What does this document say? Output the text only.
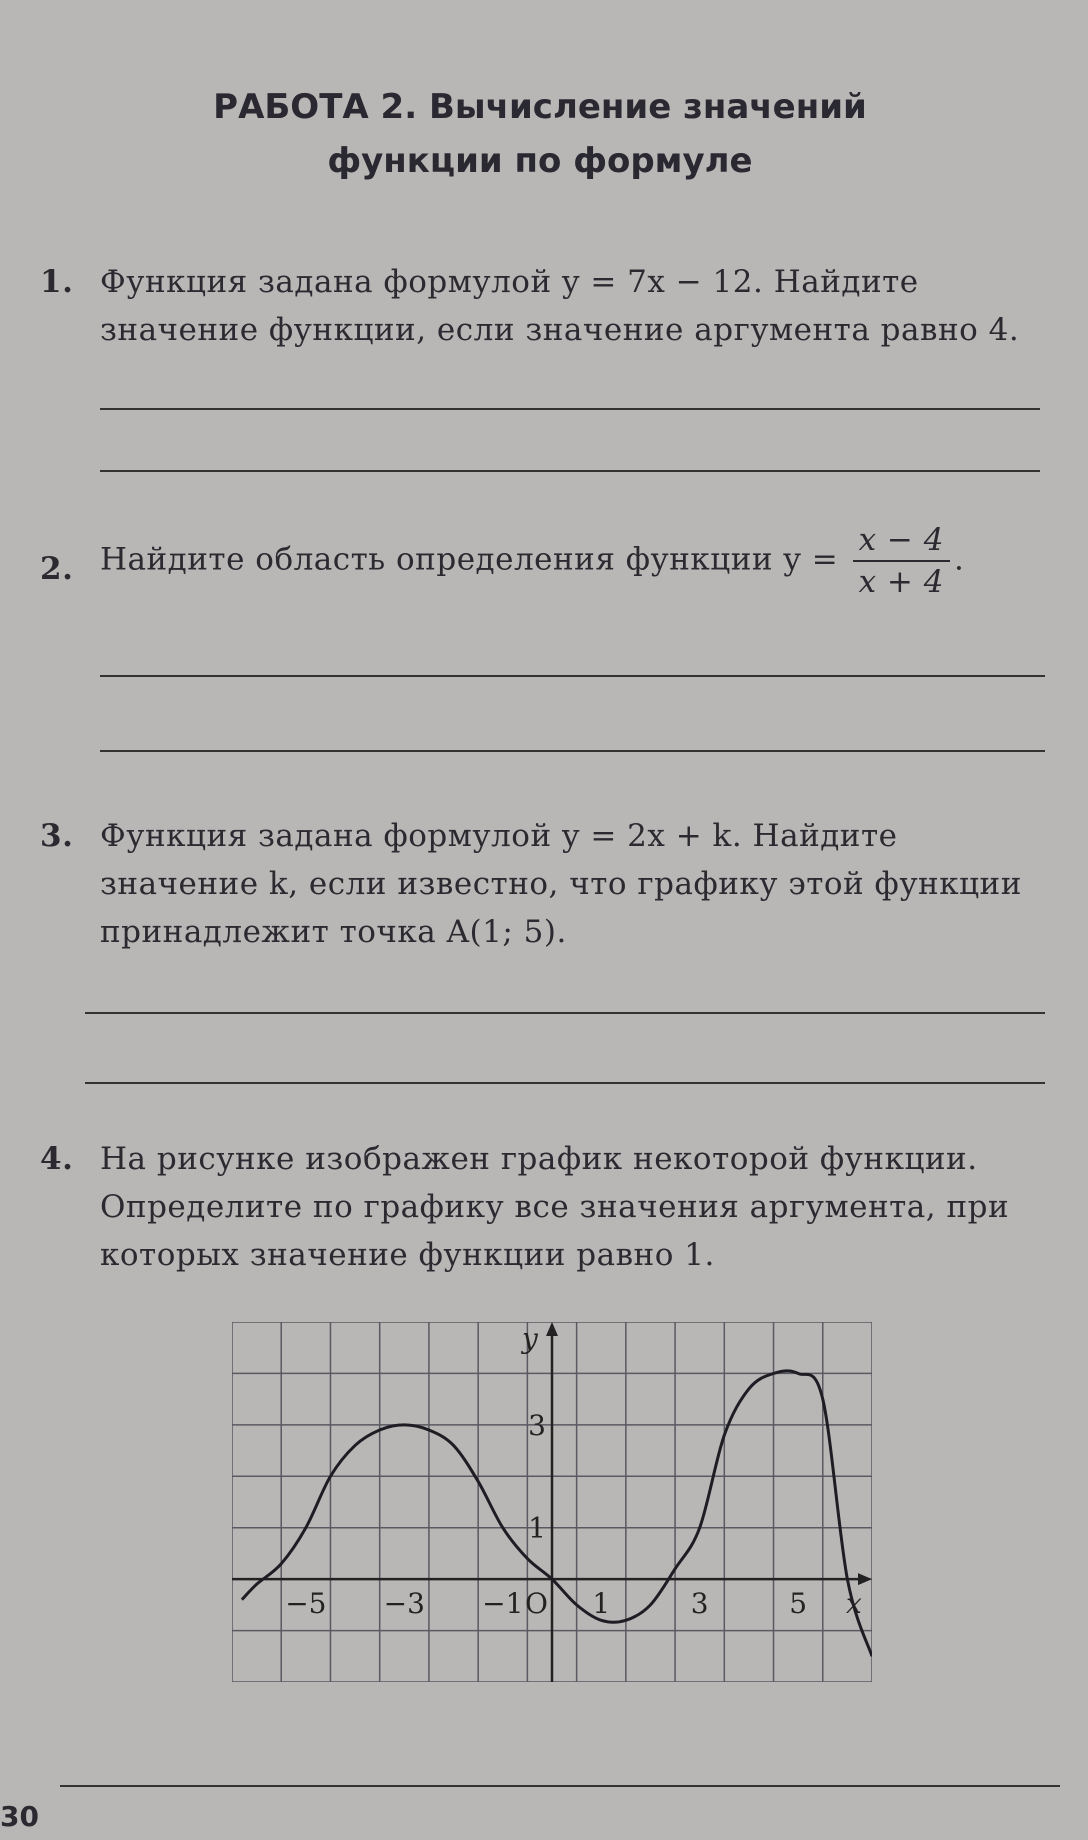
РАБОТА 2. Вычисление значений функции по формуле
1. Функция задана формулой y = 7x − 12. Найдите значение функции, если значение аргумента равно 4.
2. Найдите область определения функции $y = \frac{x - 4}{x + 4}$ .
3. Функция задана формулой y = 2x + k. Найдите значение k, если известно, что графику этой функции принадлежит точка A(1; 5).
4. На рисунке изображен график некоторой функции. Определите по графику все значения аргумента, при которых значение функции равно 1.
−5 −3 −1 1	3	5
3
1
O	x
y
30
